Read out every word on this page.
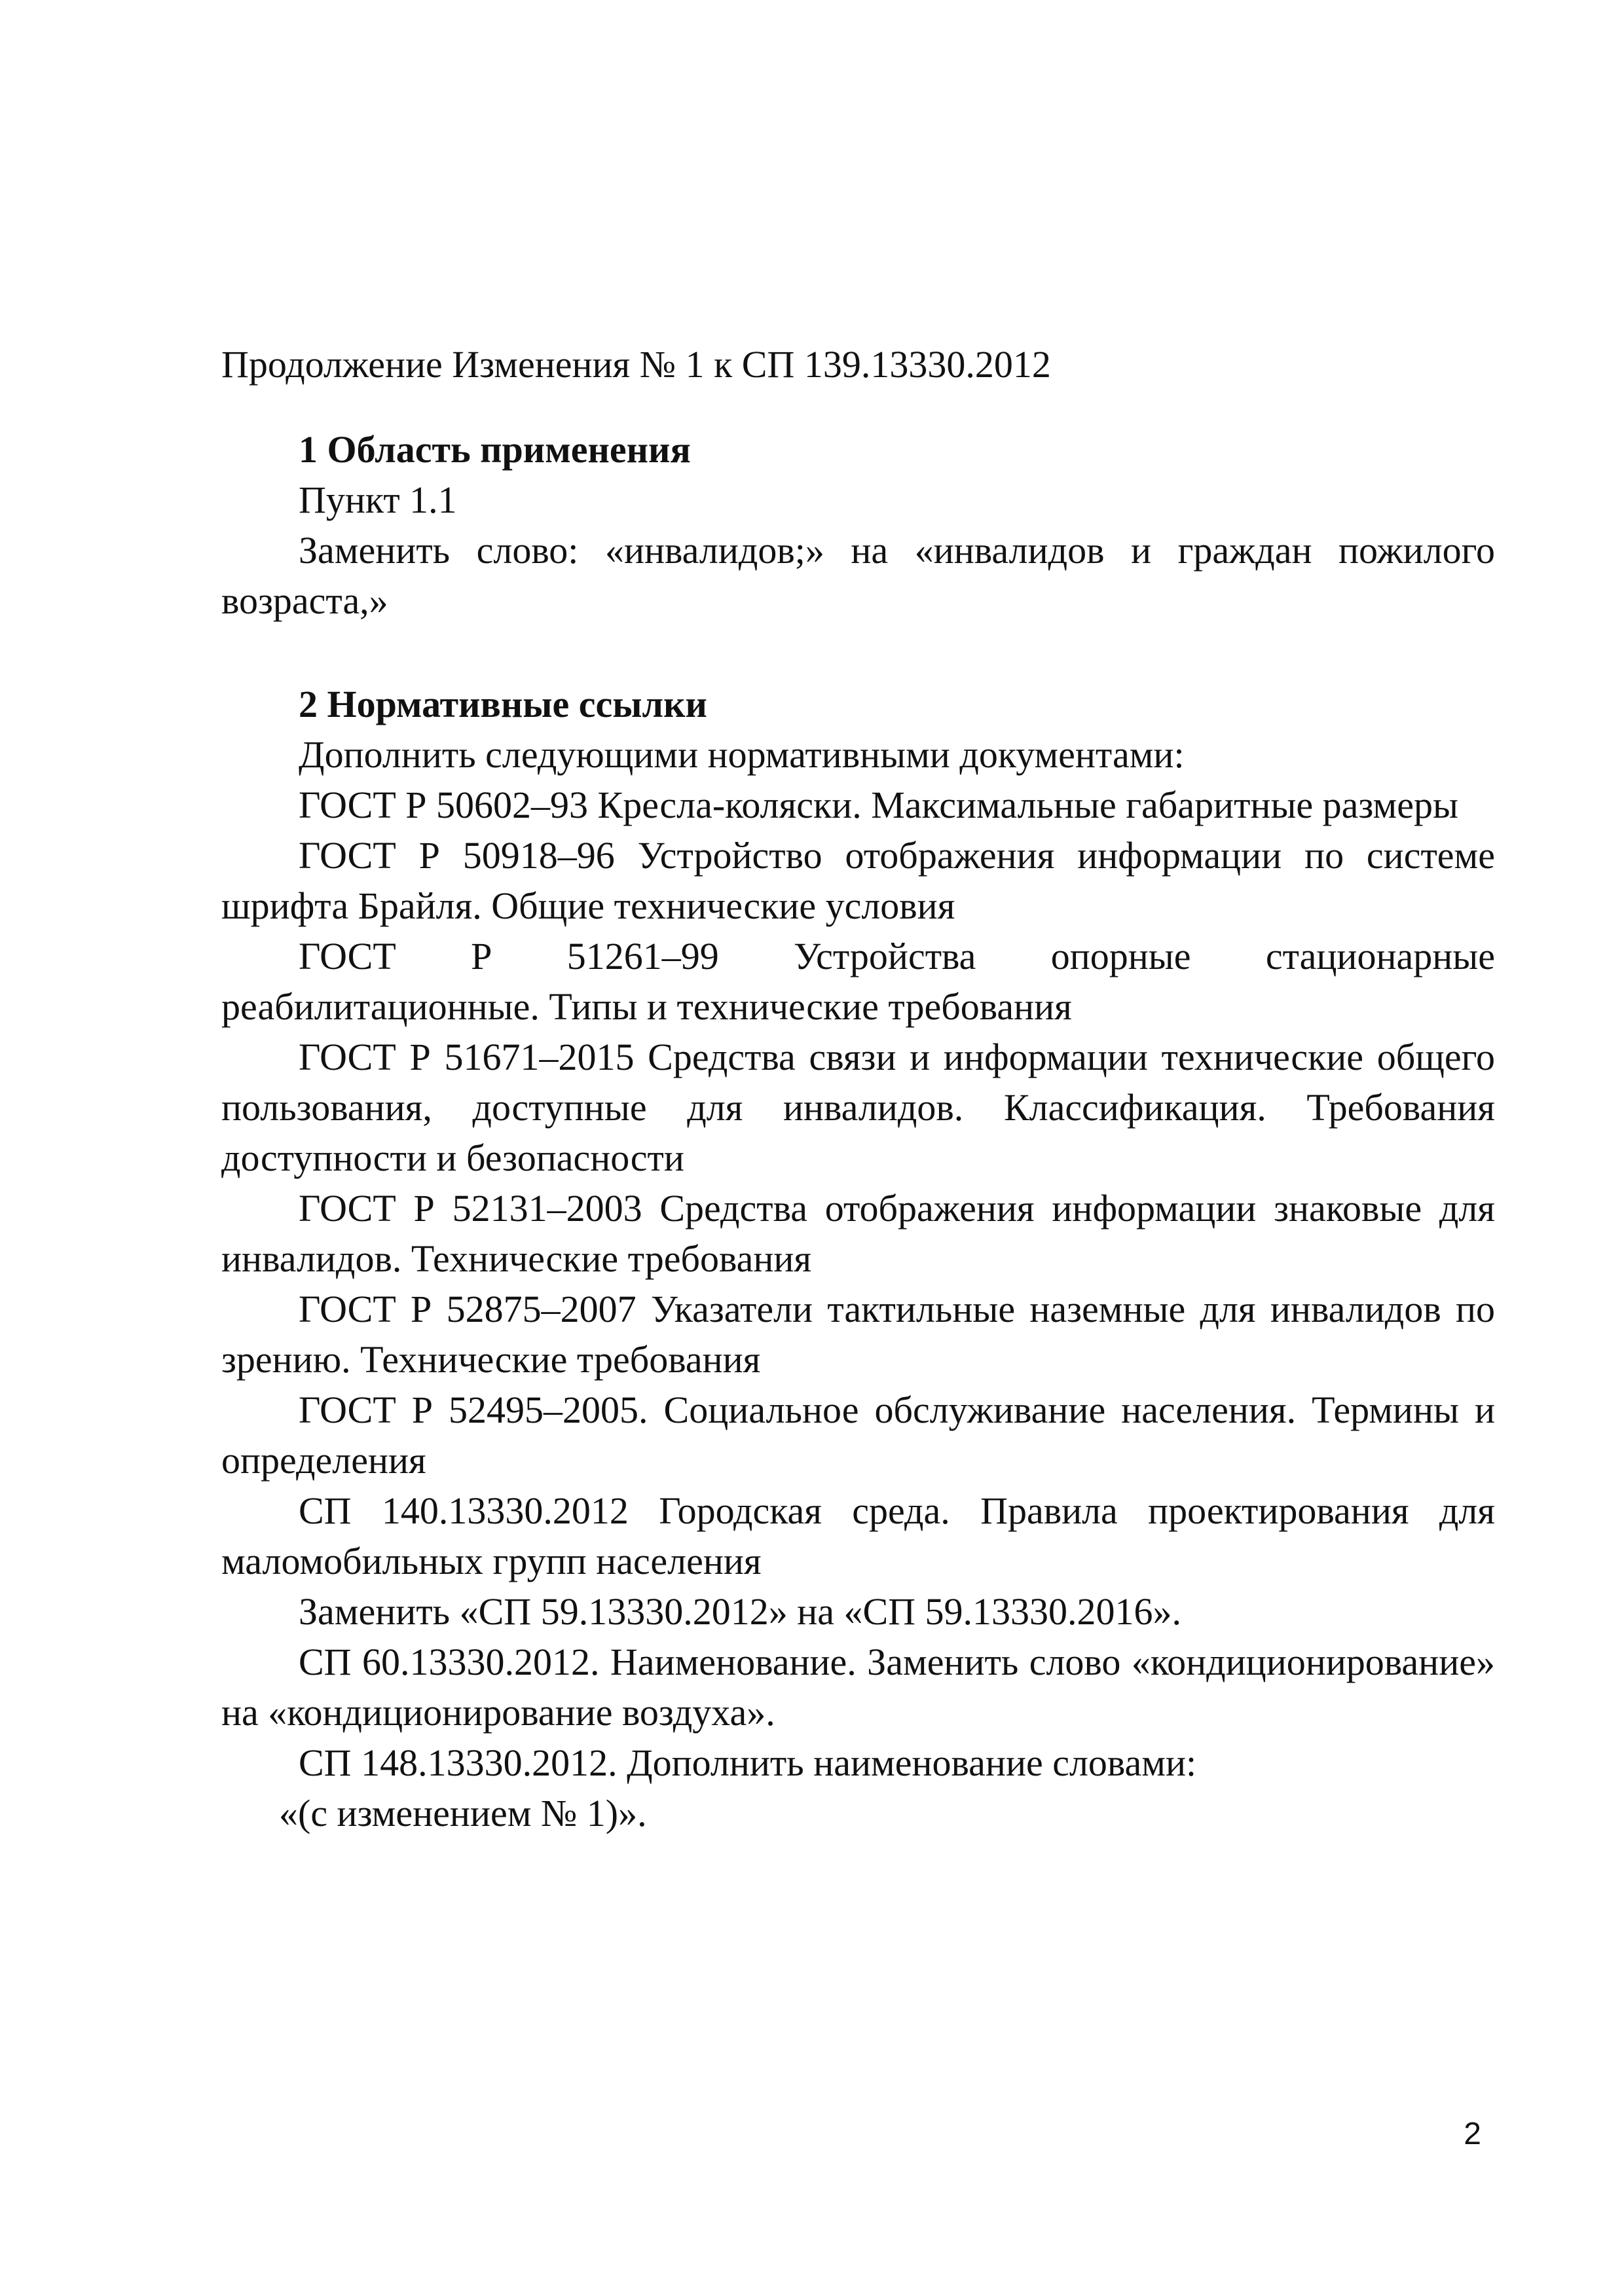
Продолжение Изменения № 1 к СП 139.13330.2012

1 Область применения

Пункт 1.1

Заменить слово: «инвалидов;» на «инвалидов и граждан пожилого возраста,»

2 Нормативные ссылки

Дополнить следующими нормативными документами:

ГОСТ Р 50602–93 Кресла-коляски. Максимальные габаритные размеры

ГОСТ Р 50918–96 Устройство отображения информации по системе шрифта Брайля. Общие технические условия

ГОСТ Р 51261–99 Устройства опорные стационарные реабилитационные. Типы и технические требования

ГОСТ Р 51671–2015 Средства связи и информации технические общего пользования, доступные для инвалидов. Классификация. Требования доступности и безопасности

ГОСТ Р 52131–2003 Средства отображения информации знаковые для инвалидов. Технические требования

ГОСТ Р 52875–2007 Указатели тактильные наземные для инвалидов по зрению. Технические требования

ГОСТ Р 52495–2005. Социальное обслуживание населения. Термины и определения

СП 140.13330.2012 Городская среда. Правила проектирования для маломобильных групп населения

Заменить «СП 59.13330.2012» на «СП 59.13330.2016».

СП 60.13330.2012. Наименование. Заменить слово «кондиционирование» на «кондиционирование воздуха».

СП 148.13330.2012. Дополнить наименование словами:

«(с изменением № 1)».

2
